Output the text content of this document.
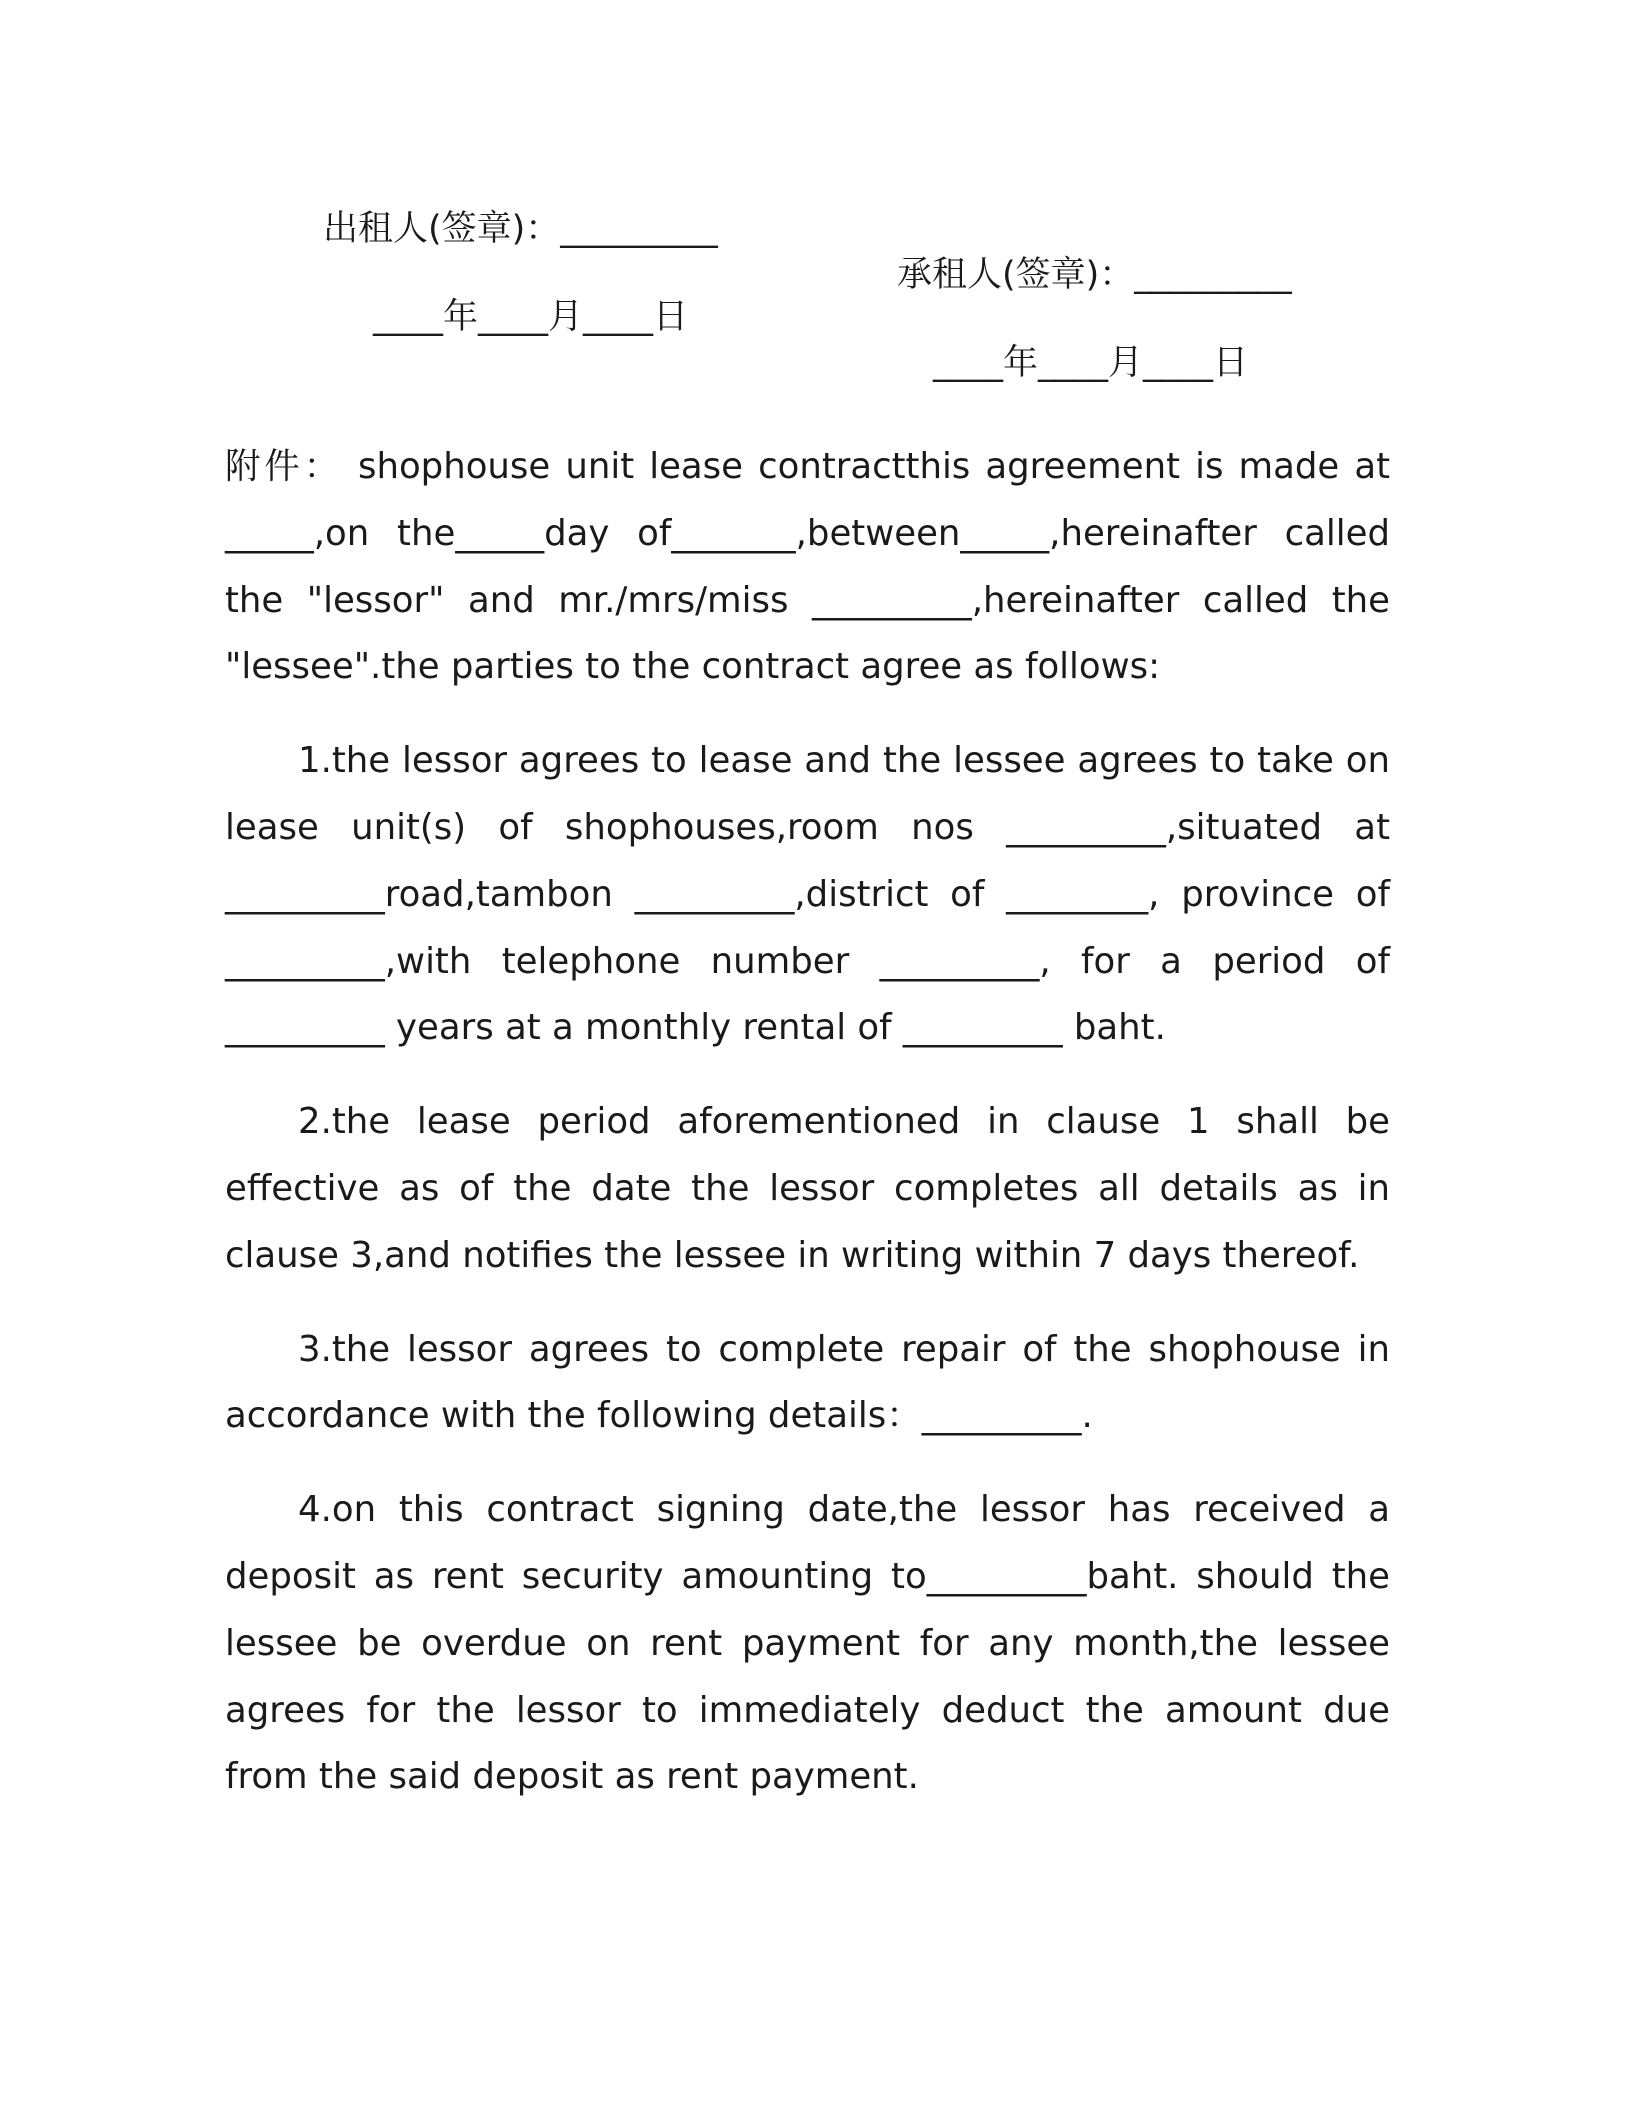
出租人(签章)：_________

承租人(签章)：_________

____年____月____日

____年____月____日

附件： shophouse unit lease contractthis agreement is made at _____,on the_____day of_______,between_____,hereinafter called the "lessor" and mr./mrs/miss _________,hereinafter called the "lessee".the parties to the contract agree as follows:

1.the lessor agrees to lease and the lessee agrees to take on lease unit(s) of shophouses,room nos _________,situated at _________road,tambon _________,district of ________, province of _________,with telephone number _________, for a period of _________ years at a monthly rental of _________ baht.

2.the lease period aforementioned in clause 1 shall be effective as of the date the lessor completes all details as in clause 3,and notifies the lessee in writing within 7 days thereof.

3.the lessor agrees to complete repair of the shophouse in accordance with the following details：_________.

4.on this contract signing date,the lessor has received a deposit as rent security amounting to_________baht. should the lessee be overdue on rent payment for any month,the lessee agrees for the lessor to immediately deduct the amount due from the said deposit as rent payment.
